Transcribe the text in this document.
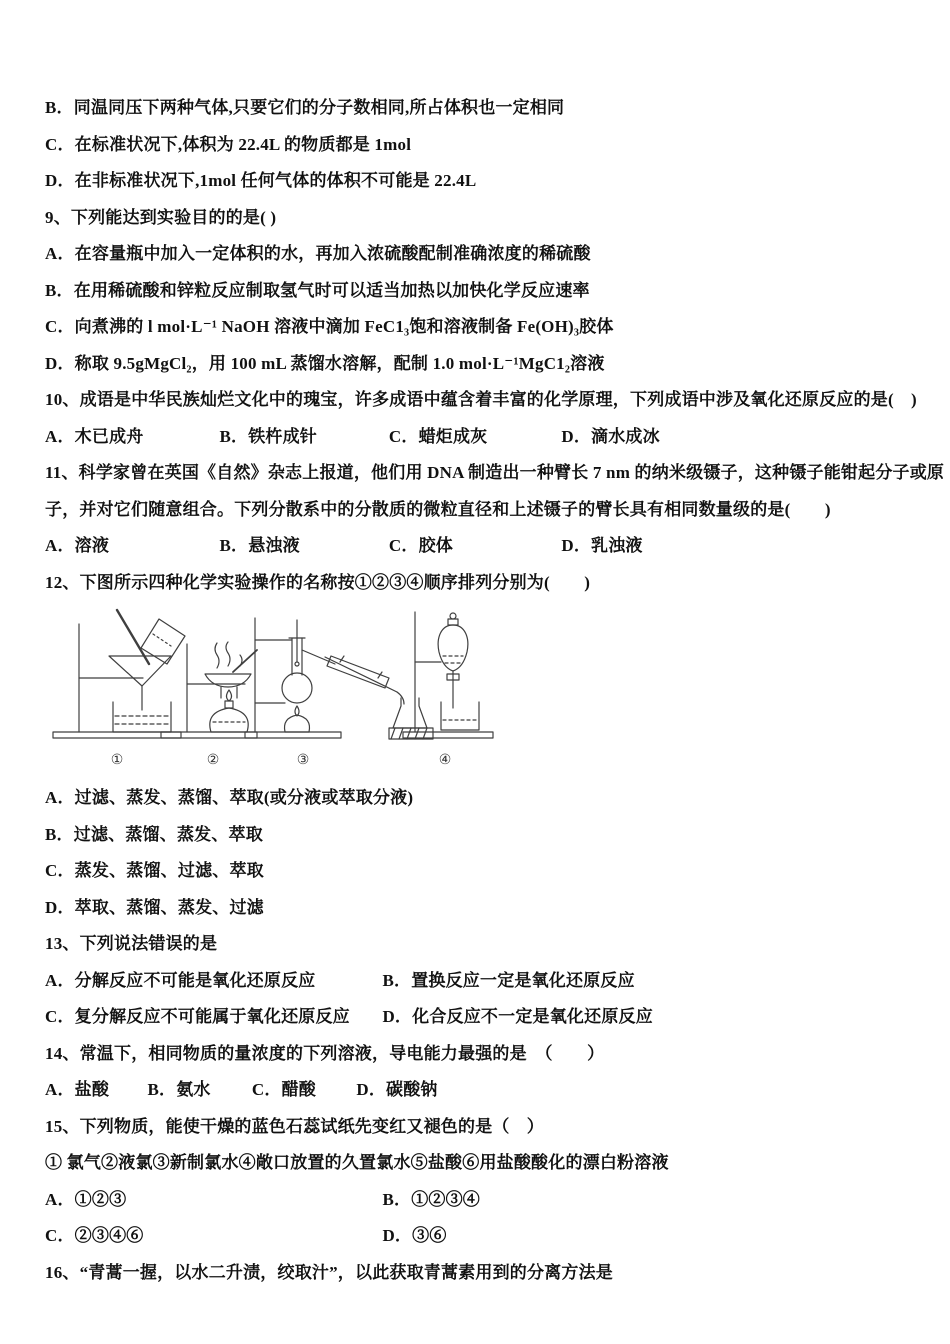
B．同温同压下两种气体,只要它们的分子数相同,所占体积也一定相同
C．在标准状况下,体积为 22.4L 的物质都是 1mol
D．在非标准状况下,1mol 任何气体的体积不可能是 22.4L
9、下列能达到实验目的的是( )
A．在容量瓶中加入一定体积的水，再加入浓硫酸配制准确浓度的稀硫酸
B．在用稀硫酸和锌粒反应制取氢气时可以适当加热以加快化学反应速率
C．向煮沸的 l mol·L⁻¹ NaOH 溶液中滴加 FeC1₃饱和溶液制备 Fe(OH)₃胶体
D．称取 9.5gMgCl₂，用 100 mL 蒸馏水溶解，配制 1.0 mol·L⁻¹MgC1₂溶液
10、成语是中华民族灿烂文化中的瑰宝，许多成语中蕴含着丰富的化学原理，下列成语中涉及氧化还原反应的是(　)
A．木已成舟	B．铁杵成针	C．蜡炬成灰	D．滴水成冰
11、科学家曾在英国《自然》杂志上报道，他们用 DNA 制造出一种臂长 7 nm 的纳米级镊子，这种镊子能钳起分子或原
子，并对它们随意组合。下列分散系中的分散质的微粒直径和上述镊子的臂长具有相同数量级的是(　　)
A．溶液	B．悬浊液	C．胶体	D．乳浊液
12、下图所示四种化学实验操作的名称按①②③④顺序排列分别为(　　)
①	②	③	④
A．过滤、蒸发、蒸馏、萃取(或分液或萃取分液)
B．过滤、蒸馏、蒸发、萃取
C．蒸发、蒸馏、过滤、萃取
D．萃取、蒸馏、蒸发、过滤
13、下列说法错误的是
A．分解反应不可能是氧化还原反应	B．置换反应一定是氧化还原反应
C．复分解反应不可能属于氧化还原反应 D．化合反应不一定是氧化还原反应
14、常温下，相同物质的量浓度的下列溶液，导电能力最强的是　（　　）
A．盐酸 B．氨水 C．醋酸 D．碳酸钠
15、下列物质，能使干燥的蓝色石蕊试纸先变红又褪色的是（　）
① 氯气②液氯③新制氯水④敞口放置的久置氯水⑤盐酸⑥用盐酸酸化的漂白粉溶液
A．①②③	B．①②③④
C．②③④⑥	D．③⑥
16、“青蒿一握，以水二升渍，绞取汁”，以此获取青蒿素用到的分离方法是
